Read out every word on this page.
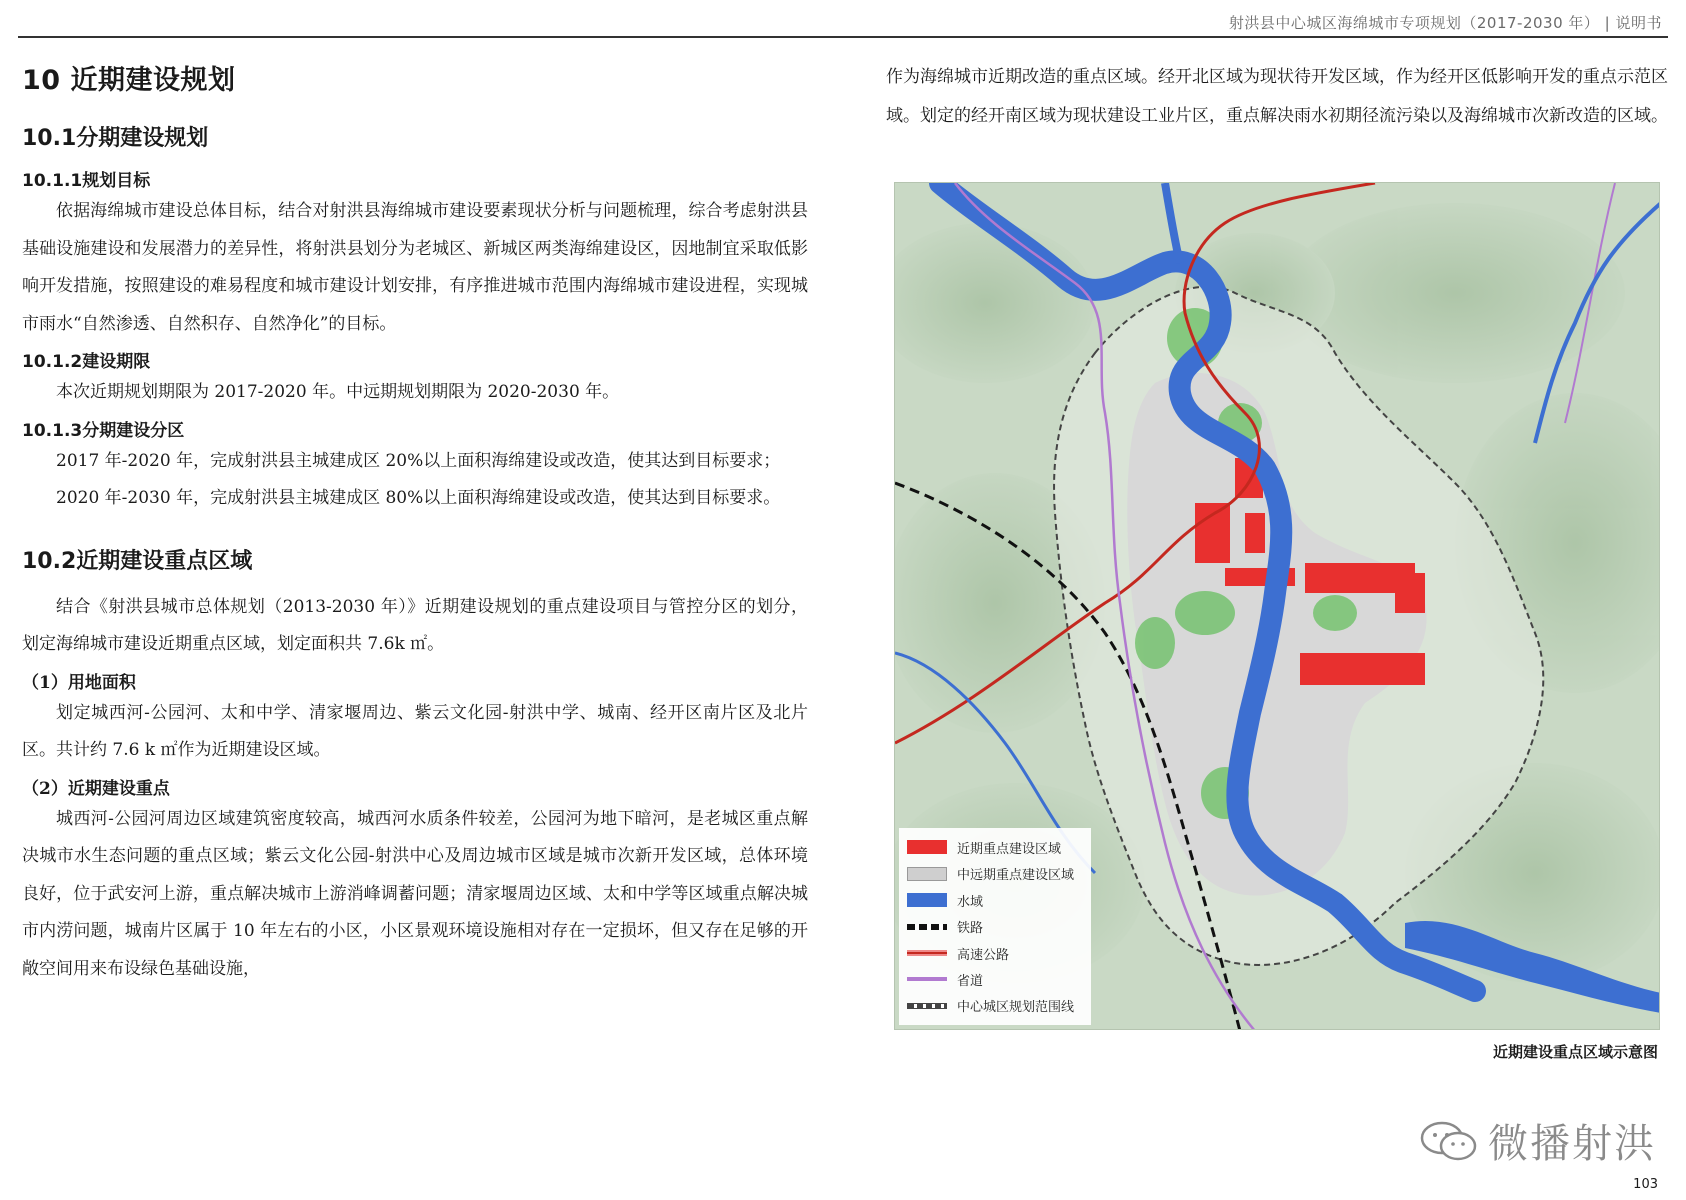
射洪县中心城区海绵城市专项规划（2017-2030 年） | 说明书
10 近期建设规划
10.1分期建设规划
10.1.1规划目标

依据海绵城市建设总体目标，结合对射洪县海绵城市建设要素现状分析与问题梳理，综合考虑射洪县基础设施建设和发展潜力的差异性，将射洪县划分为老城区、新城区两类海绵建设区，因地制宜采取低影响开发措施，按照建设的难易程度和城市建设计划安排，有序推进城市范围内海绵城市建设进程，实现城市雨水“自然渗透、自然积存、自然净化”的目标。

10.1.2建设期限

本次近期规划期限为 2017-2020 年。中远期规划期限为 2020-2030 年。

10.1.3分期建设分区

2017 年-2020 年，完成射洪县主城建成区 20%以上面积海绵建设或改造，使其达到目标要求；

2020 年-2030 年，完成射洪县主城建成区 80%以上面积海绵建设或改造，使其达到目标要求。

10.2近期建设重点区域

结合《射洪县城市总体规划（2013-2030 年）》近期建设规划的重点建设项目与管控分区的划分，划定海绵城市建设近期重点区域，划定面积共 7.6k ㎡。

（1）用地面积

划定城西河-公园河、太和中学、清家堰周边、紫云文化园-射洪中学、城南、经开区南片区及北片区。共计约 7.6 k ㎡作为近期建设区域。

（2）近期建设重点

城西河-公园河周边区域建筑密度较高，城西河水质条件较差，公园河为地下暗河，是老城区重点解决城市水生态问题的重点区域；紫云文化公园-射洪中心及周边城市区域是城市次新开发区域，总体环境良好，位于武安河上游，重点解决城市上游消峰调蓄问题；清家堰周边区域、太和中学等区域重点解决城市内涝问题，城南片区属于 10 年左右的小区，小区景观环境设施相对存在一定损坏，但又存在足够的开敞空间用来布设绿色基础设施，

作为海绵城市近期改造的重点区域。经开北区域为现状待开发区域，作为经开区低影响开发的重点示范区域。划定的经开南区域为现状建设工业片区，重点解决雨水初期径流污染以及海绵城市次新改造的区域。

近期重点建设区域
中远期重点建设区域
水域
铁路
高速公路
省道
中心城区规划范围线
近期建设重点区域示意图
微播射洪
103
